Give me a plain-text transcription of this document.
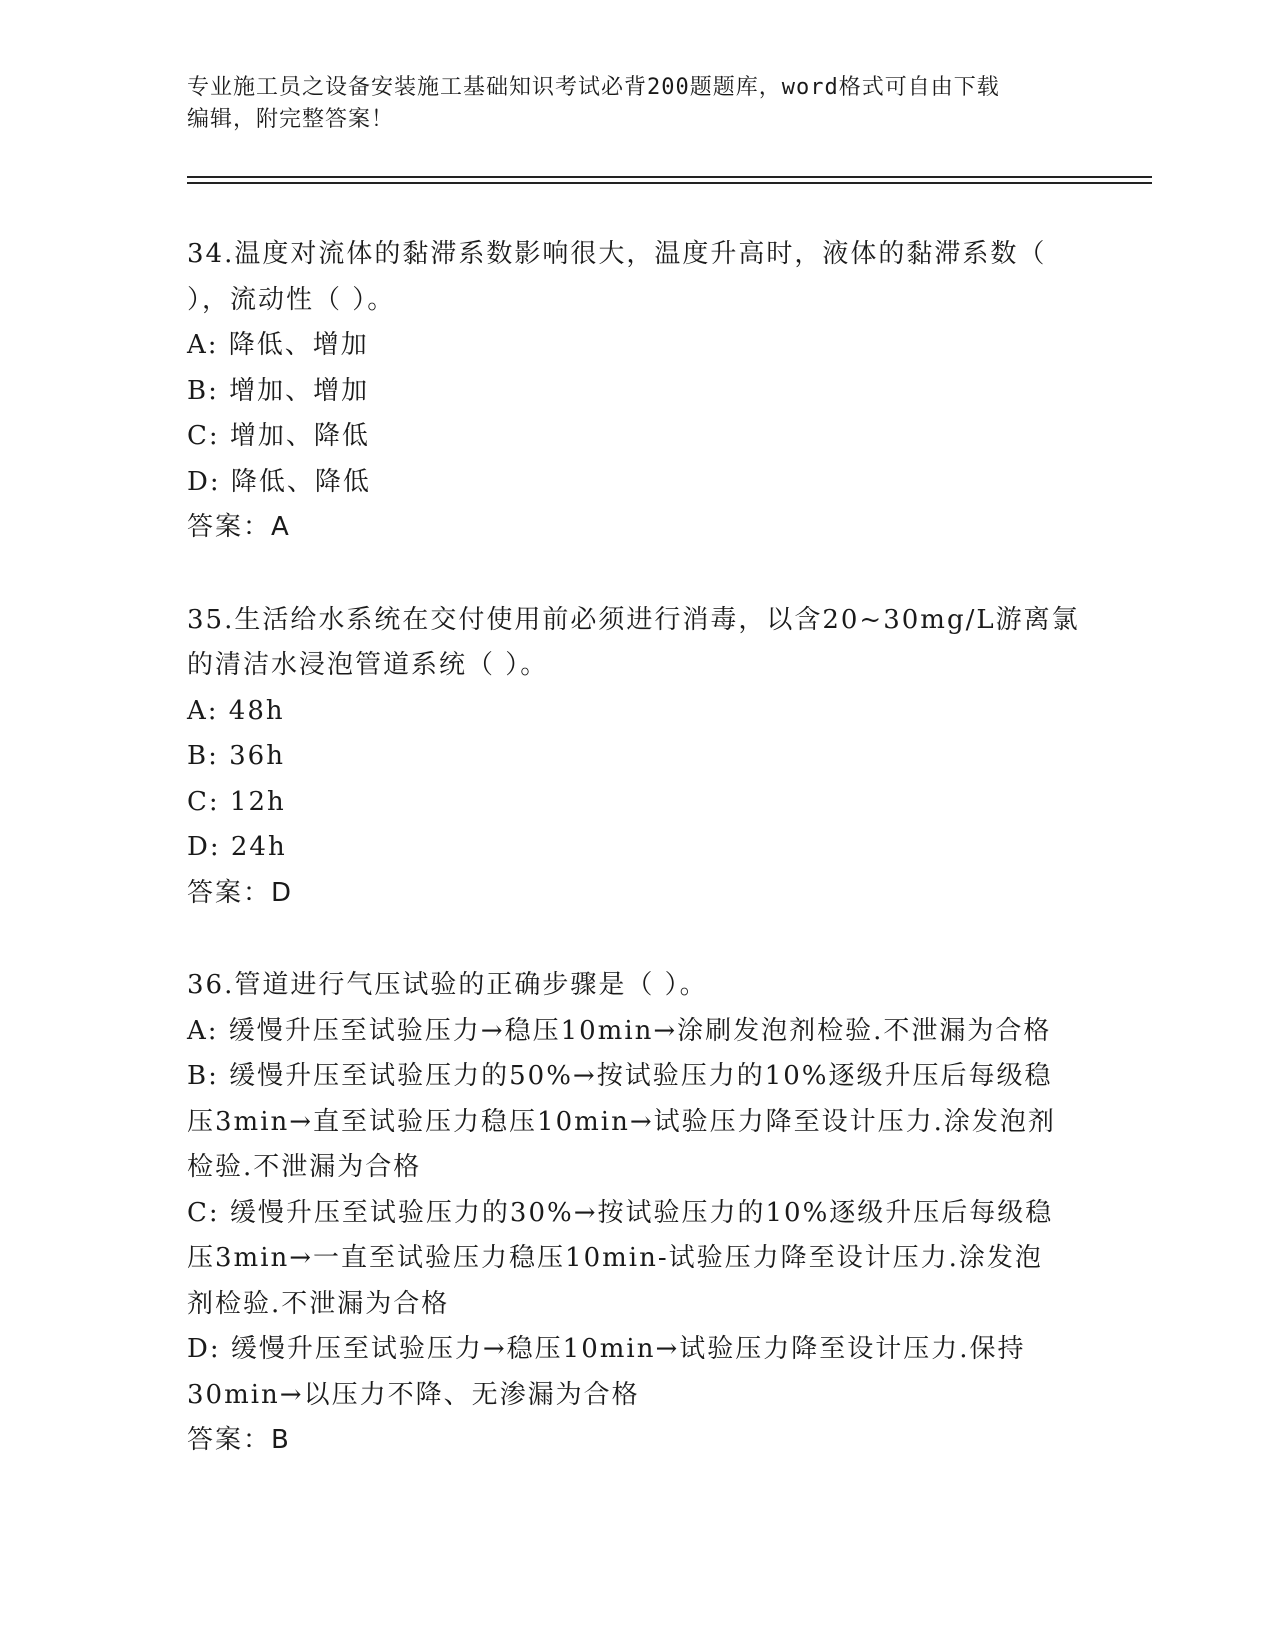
专业施工员之设备安装施工基础知识考试必背200题题库，word格式可自由下载
编辑，附完整答案！

34.温度对流体的黏滞系数影响很大，温度升高时，液体的黏滞系数（

），流动性（ ）。

A: 降低、增加

B: 增加、增加

C: 增加、降低

D: 降低、降低

答案：A

35.生活给水系统在交付使用前必须进行消毒，以含20~30mg/L游离氯

的清洁水浸泡管道系统（ ）。

A: 48h

B: 36h

C: 12h

D: 24h

答案：D

36.管道进行气压试验的正确步骤是（ ）。

A: 缓慢升压至试验压力→稳压10min→涂刷发泡剂检验.不泄漏为合格

B: 缓慢升压至试验压力的50%→按试验压力的10%逐级升压后每级稳

压3min→直至试验压力稳压10min→试验压力降至设计压力.涂发泡剂

检验.不泄漏为合格

C: 缓慢升压至试验压力的30%→按试验压力的10%逐级升压后每级稳

压3min→一直至试验压力稳压10min-试验压力降至设计压力.涂发泡

剂检验.不泄漏为合格

D: 缓慢升压至试验压力→稳压10min→试验压力降至设计压力.保持

30min→以压力不降、无渗漏为合格

答案：B
